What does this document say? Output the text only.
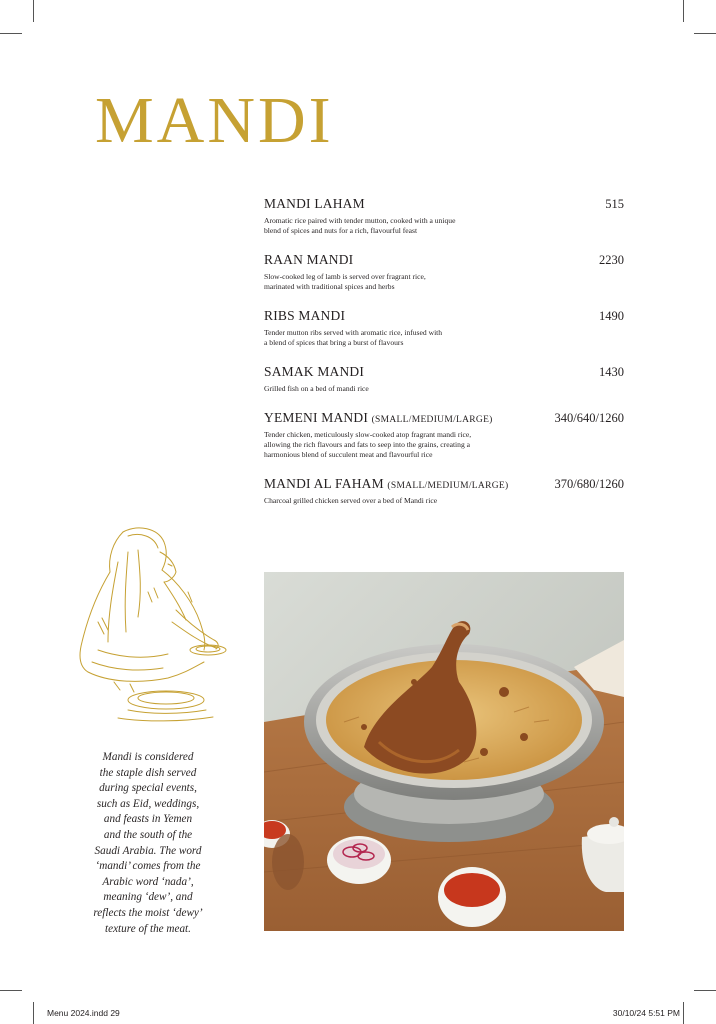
MANDI
MANDI LAHAM	515
Aromatic rice paired with tender mutton, cooked with a unique
blend of spices and nuts for a rich, flavourful feast
RAAN MANDI	2230
Slow-cooked leg of lamb is served over fragrant rice,
marinated with traditional spices and herbs
RIBS MANDI	1490
Tender mutton ribs served with aromatic rice, infused with
a blend of spices that bring a burst of flavours
SAMAK MANDI	1430
Grilled fish on a bed of mandi rice
YEMENI MANDI (SMALL/MEDIUM/LARGE)	340/640/1260
Tender chicken, meticulously slow-cooked atop fragrant mandi rice,
allowing the rich flavours and fats to seep into the grains, creating a
harmonious blend of succulent meat and flavourful rice
MANDI AL FAHAM (SMALL/MEDIUM/LARGE)	370/680/1260
Charcoal grilled chicken served over a bed of Mandi rice
Mandi is considered
the staple dish served
during special events,
such as Eid, weddings,
and feasts in Yemen
and the south of the
Saudi Arabia. The word
‘mandi’ comes from the
Arabic word ‘nada’,
meaning ‘dew’, and
reflects the moist ‘dewy’
texture of the meat.
Menu 2024.indd 29	30/10/24 5:51 PM
